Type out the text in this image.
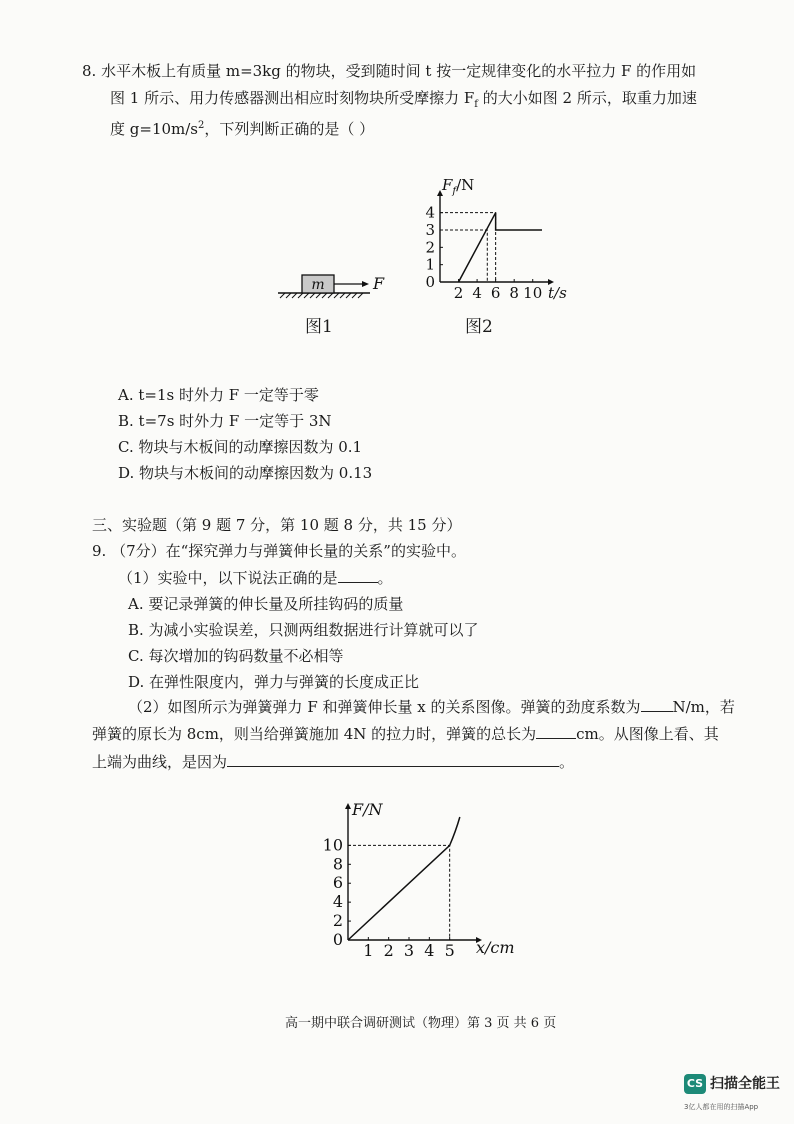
8. 水平木板上有质量 m=3kg 的物块，受到随时间 t 按一定规律变化的水平拉力 F 的作用如
图 1 所示、用力传感器测出相应时刻物块所受摩擦力 $F_f$ 的大小如图 2 所示，取重力加速
度 $g=10m/s^2$，下列判断正确的是（ ）
m	F
图1
2 4 6 8 10
0
1
2
3
4
$F_f/N$
t/s
图2
A. t=1s 时外力 F 一定等于零
B. t=7s 时外力 F 一定等于 3N
C. 物块与木板间的动摩擦因数为 0.1
D. 物块与木板间的动摩擦因数为 0.13
三、实验题（第 9 题 7 分，第 10 题 8 分，共 15 分）
9. （7分）在“探究弹力与弹簧伸长量的关系”的实验中。
（1）实验中，以下说法正确的是	。
A. 要记录弹簧的伸长量及所挂钩码的质量
B. 为减小实验误差，只测两组数据进行计算就可以了
C. 每次增加的钩码数量不必相等
D. 在弹性限度内，弹力与弹簧的长度成正比
（2）如图所示为弹簧弹力 F 和弹簧伸长量 x 的关系图像。弹簧的劲度系数为 N/m，若
弹簧的原长为 8cm，则当给弹簧施加 4N 的拉力时，弹簧的总长为	cm。从图像上看、其
上端为曲线，是因为	。
1 2 3 4 5
0
2
4
6
8
10
F/N
x/cm
高一期中联合调研测试（物理）第 3 页 共 6 页
CS 扫描全能王
3亿人都在用的扫描App
